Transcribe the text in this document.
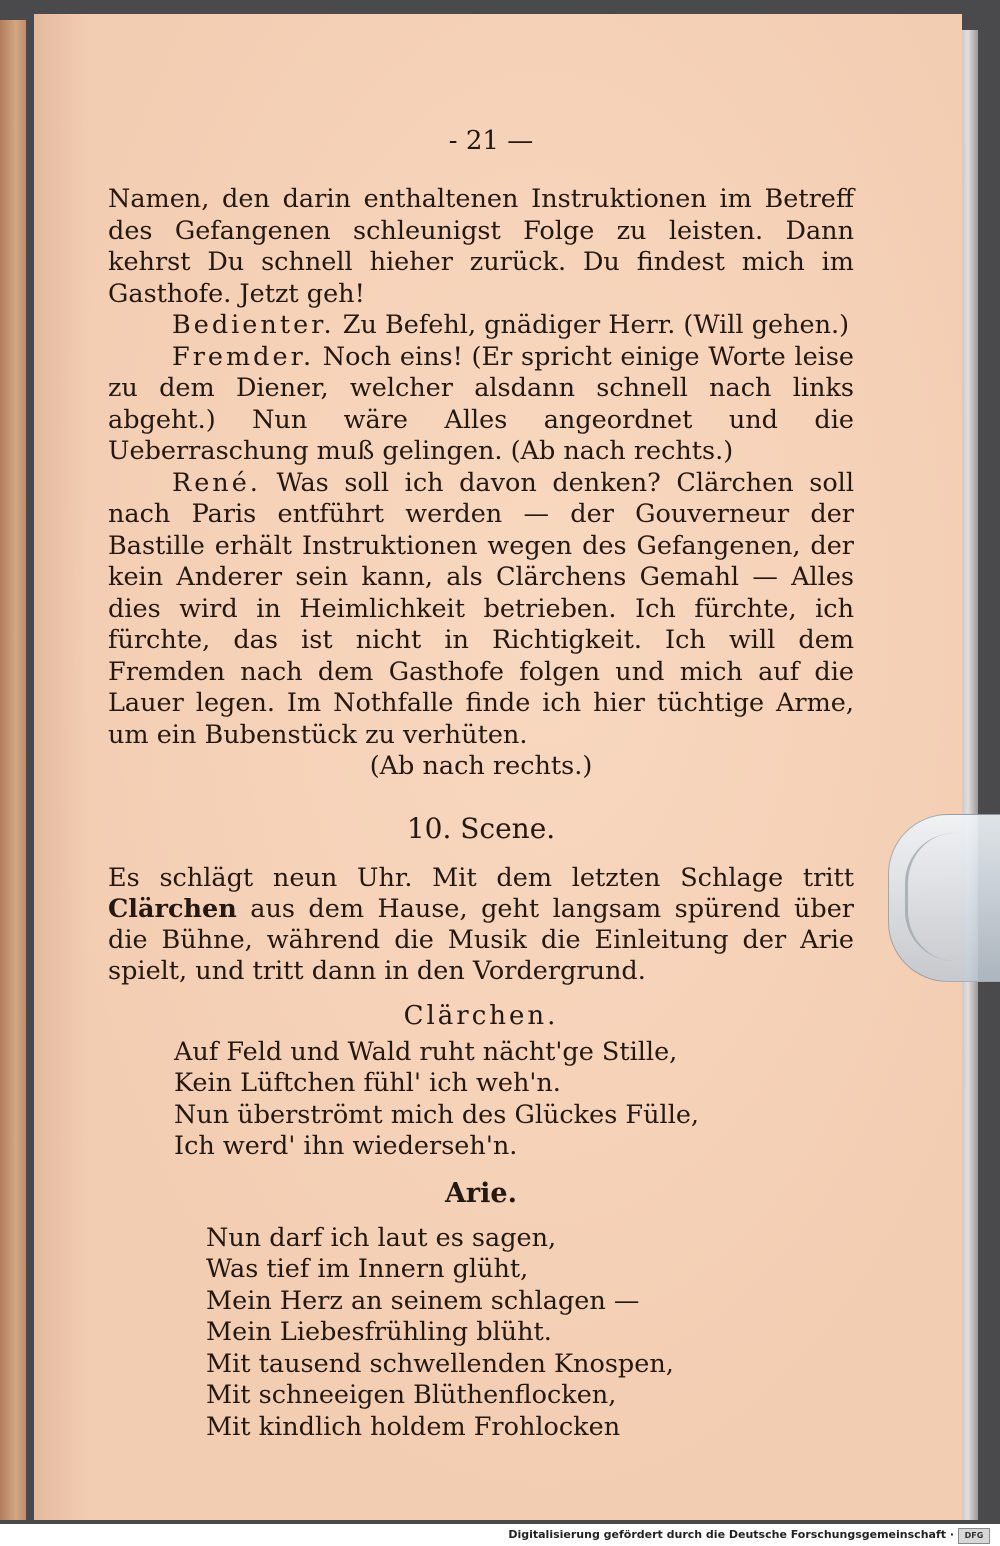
- 21 —

Namen, den darin enthaltenen Instruktionen im Betreff des Gefangenen schleunigst Folge zu leisten. Dann kehrst Du schnell hieher zurück. Du findest mich im Gasthofe. Jetzt geh!

Bedienter. Zu Befehl, gnädiger Herr. (Will gehen.)

Fremder. Noch eins! (Er spricht einige Worte leise zu dem Diener, welcher alsdann schnell nach links abgeht.) Nun wäre Alles angeordnet und die Ueberraschung muß gelingen. (Ab nach rechts.)

René. Was soll ich davon denken? Clärchen soll nach Paris entführt werden — der Gouverneur der Bastille erhält Instruktionen wegen des Gefangenen, der kein Anderer sein kann, als Clärchens Gemahl — Alles dies wird in Heimlichkeit betrieben. Ich fürchte, ich fürchte, das ist nicht in Richtigkeit. Ich will dem Fremden nach dem Gasthofe folgen und mich auf die Lauer legen. Im Nothfalle finde ich hier tüchtige Arme, um ein Bubenstück zu verhüten.

(Ab nach rechts.)
10. Scene.

Es schlägt neun Uhr. Mit dem letzten Schlage tritt Clärchen aus dem Hause, geht langsam spürend über die Bühne, während die Musik die Einleitung der Arie spielt, und tritt dann in den Vordergrund.

Clärchen.
Auf Feld und Wald ruht nächt'ge Stille,
Kein Lüftchen fühl' ich weh'n.
Nun überströmt mich des Glückes Fülle,
Ich werd' ihn wiederseh'n.
Arie.
Nun darf ich laut es sagen,
Was tief im Innern glüht,
Mein Herz an seinem schlagen —
Mein Liebesfrühling blüht.
Mit tausend schwellenden Knospen,
Mit schneeigen Blüthenflocken,
Mit kindlich holdem Frohlocken
Digitalisierung gefördert durch die Deutsche Forschungsgemeinschaft ·	DFG
